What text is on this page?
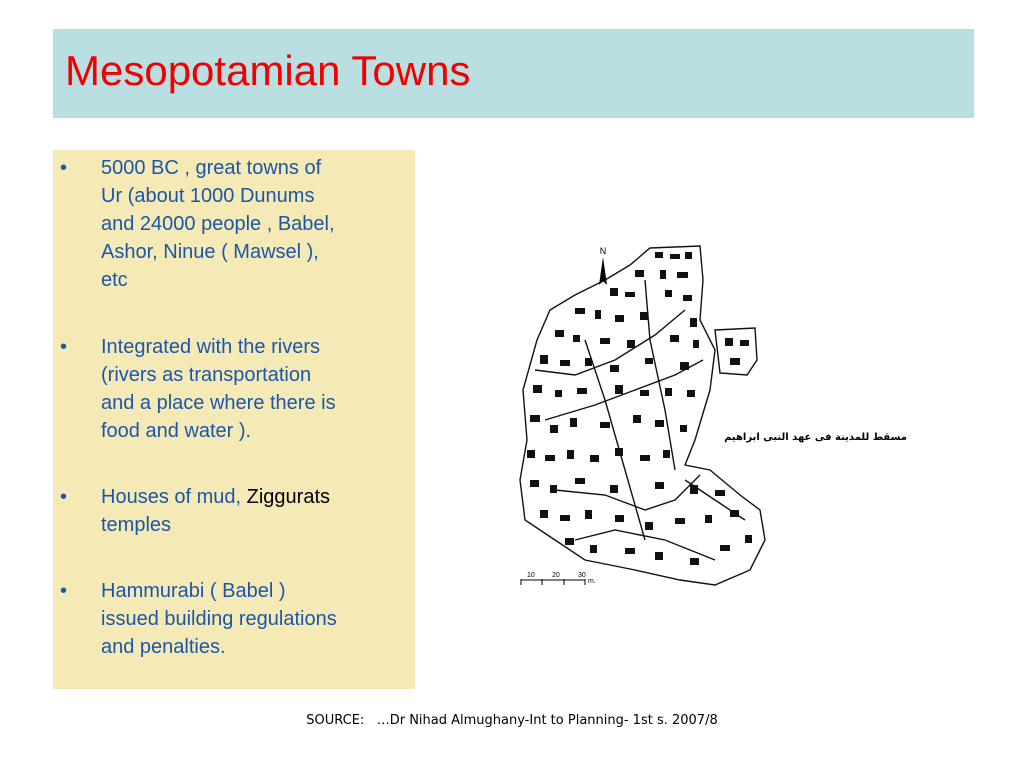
Mesopotamian Towns
•	5000 BC , great towns of
Ur (about 1000 Dunums
and 24000 people , Babel,
Ashor, Ninue ( Mawsel ),
etc
•	Integrated with the rivers
(rivers as transportation
and a place where there is
food and water ).
•	Houses of mud, Ziggurats
temples
•	Hammurabi ( Babel )
issued building regulations
and penalties.
N
مسقط للمدينة فى عهد النبى ابراهيم
10 20	30
m.
SOURCE:   …Dr Nihad Almughany-Int to Planning- 1st s. 2007/8
